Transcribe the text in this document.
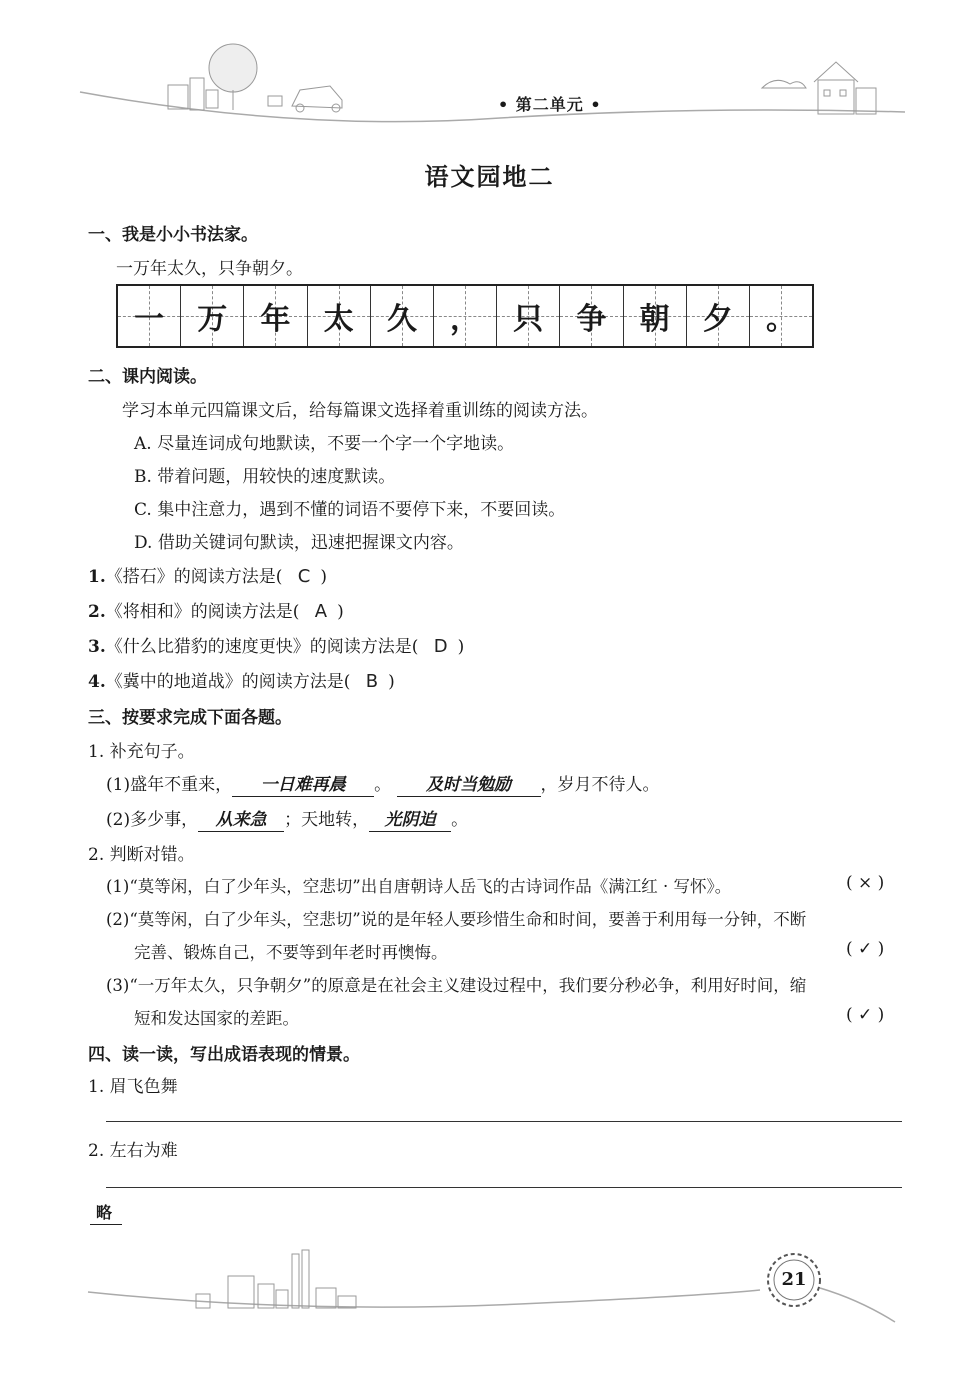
• 第二单元 •
语文园地二
一、我是小小书法家。
一万年太久，只争朝夕。
一 万 年 太 久 ， 只 争 朝 夕 。
二、课内阅读。
学习本单元四篇课文后，给每篇课文选择着重训练的阅读方法。
A. 尽量连词成句地默读，不要一个字一个字地读。
B. 带着问题，用较快的速度默读。
C. 集中注意力，遇到不懂的词语不要停下来，不要回读。
D. 借助关键词句默读，迅速把握课文内容。
1.《搭石》的阅读方法是( C )
2.《将相和》的阅读方法是( A )
3.《什么比猎豹的速度更快》的阅读方法是( D )
4.《冀中的地道战》的阅读方法是( B )
三、按要求完成下面各题。
1. 补充句子。
(1)盛年不重来， 一日难再晨 。 及时当勉励 ，岁月不待人。
(2)多少事， 从来急 ；天地转， 光阴迫 。
2. 判断对错。
(1)“莫等闲，白了少年头，空悲切”出自唐朝诗人岳飞的古诗词作品《满江红 · 写怀》。	( × )
(2)“莫等闲，白了少年头，空悲切”说的是年轻人要珍惜生命和时间，要善于利用每一分钟，不断
完善、锻炼自己，不要等到年老时再懊悔。	( ✓ )
(3)“一万年太久，只争朝夕”的原意是在社会主义建设过程中，我们要分秒必争，利用好时间，缩
短和发达国家的差距。	( ✓ )
四、读一读，写出成语表现的情景。
1. 眉飞色舞
2. 左右为难
略
21
